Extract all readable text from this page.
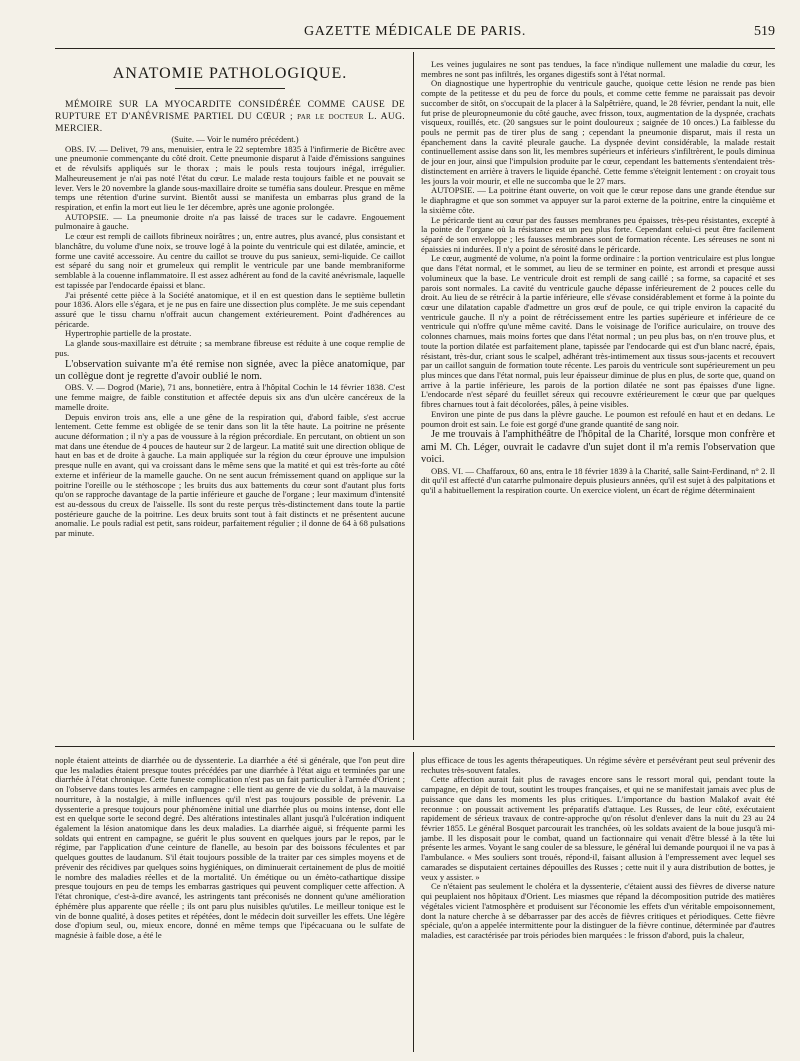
GAZETTE MÉDICALE DE PARIS.	519
ANATOMIE PATHOLOGIQUE.

MÉMOIRE SUR LA MYOCARDITE CONSIDÉRÉE COMME CAUSE DE RUPTURE ET D'ANÉVRISME PARTIEL DU CŒUR ; par le docteur L. AUG. MERCIER.

(Suite. — Voir le numéro précédent.)

OBS. IV. — Delivet, 79 ans, menuisier, entra le 22 septembre 1835 à l'infirmerie de Bicêtre avec une pneumonie commençante du côté droit. Cette pneumonie disparut à l'aide d'émissions sanguines et de révulsifs appliqués sur le thorax ; mais le pouls resta toujours inégal, irrégulier. Malheureusement je n'ai pas noté l'état du cœur. Le malade resta toujours faible et ne pouvait se lever. Vers le 20 novembre la glande sous-maxillaire droite se tuméfia sans douleur. Presque en même temps une rétention d'urine survint. Bientôt aussi se manifesta un embarras plus grand de la respiration, et enfin la mort eut lieu le 1er décembre, après une agonie prolongée.

AUTOPSIE. — La pneumonie droite n'a pas laissé de traces sur le cadavre. Engouement pulmonaire à gauche.

Le cœur est rempli de caillots fibrineux noirâtres ; un, entre autres, plus avancé, plus consistant et blanchâtre, du volume d'une noix, se trouve logé à la pointe du ventricule qui est dilatée, amincie, et forme une cavité accessoire. Au centre du caillot se trouve du pus sanieux, semi-liquide. Ce caillot est séparé du sang noir et grumeleux qui remplit le ventricule par une bande membraniforme semblable à la couenne inflammatoire. Il est assez adhérent au fond de la cavité anévrismale, laquelle est tapissée par l'endocarde épaissi et blanc.

J'ai présenté cette pièce à la Société anatomique, et il en est question dans le septième bulletin pour 1836. Alors elle s'égara, et je ne pus en faire une dissection plus complète. Je me suis cependant assuré que le tissu charnu n'offrait aucun changement extérieurement. Point d'adhérences au péricarde.

Hypertrophie partielle de la prostate.

La glande sous-maxillaire est détruite ; sa membrane fibreuse est réduite à une coque remplie de pus.

L'observation suivante m'a été remise non signée, avec la pièce anatomique, par un collègue dont je regrette d'avoir oublié le nom.

OBS. V. — Dogrod (Marie), 71 ans, bonnetière, entra à l'hôpital Cochin le 14 février 1838. C'est une femme maigre, de faible constitution et affectée depuis six ans d'un ulcère cancéreux de la mamelle droite.

Depuis environ trois ans, elle a une gêne de la respiration qui, d'abord faible, s'est accrue lentement. Cette femme est obligée de se tenir dans son lit la tête haute. La poitrine ne présente aucune déformation ; il n'y a pas de voussure à la région précordiale. En percutant, on obtient un son mat dans une étendue de 4 pouces de hauteur sur 2 de largeur. La matité suit une direction oblique de haut en bas et de droite à gauche. La main appliquée sur la région du cœur éprouve une impulsion presque nulle en avant, qui va croissant dans le même sens que la matité et qui est très-forte au côté externe et inférieur de la mamelle gauche. On ne sent aucun frémissement quand on applique sur la poitrine l'oreille ou le stéthoscope ; les bruits dus aux battements du cœur sont d'autant plus forts qu'on se rapproche davantage de la partie inférieure et gauche de l'organe ; leur maximum d'intensité est au-dessous du creux de l'aisselle. Ils sont du reste perçus très-distinctement dans toute la partie postérieure gauche de la poitrine. Les deux bruits sont tout à fait distincts et ne présentent aucune anomalie. Le pouls radial est petit, sans roideur, parfaitement régulier ; il donne de 64 à 68 pulsations par minute.

Les veines jugulaires ne sont pas tendues, la face n'indique nullement une maladie du cœur, les membres ne sont pas infiltrés, les organes digestifs sont à l'état normal.

On diagnostique une hypertrophie du ventricule gauche, quoique cette lésion ne rende pas bien compte de la petitesse et du peu de force du pouls, et comme cette femme ne paraissait pas devoir succomber de sitôt, on s'occupait de la placer à la Salpêtrière, quand, le 28 février, pendant la nuit, elle fut prise de pleuropneumonie du côté gauche, avec frisson, toux, augmentation de la dyspnée, crachats visqueux, rouillés, etc. (20 sangsues sur le point douloureux ; saignée de 10 onces.) La faiblesse du pouls ne permit pas de tirer plus de sang ; cependant la pneumonie disparut, mais il resta un épanchement dans la cavité pleurale gauche. La dyspnée devint considérable, la malade restait continuellement assise dans son lit, les membres supérieurs et inférieurs s'infiltrèrent, le pouls diminua de jour en jour, ainsi que l'impulsion produite par le cœur, cependant les battements s'entendaient très-distinctement en arrière à travers le liquide épanché. Cette femme s'éteignit lentement : on croyait tous les jours la voir mourir, et elle ne succomba que le 27 mars.

AUTOPSIE. — La poitrine étant ouverte, on voit que le cœur repose dans une grande étendue sur le diaphragme et que son sommet va appuyer sur la paroi externe de la poitrine, entre la cinquième et la sixième côte.

Le péricarde tient au cœur par des fausses membranes peu épaisses, très-peu résistantes, excepté à la pointe de l'organe où la résistance est un peu plus forte. Cependant celui-ci peut être facilement séparé de son enveloppe ; les fausses membranes sont de formation récente. Les séreuses ne sont ni épaissies ni indurées. Il n'y a point de sérosité dans le péricarde.

Le cœur, augmenté de volume, n'a point la forme ordinaire : la portion ventriculaire est plus longue que dans l'état normal, et le sommet, au lieu de se terminer en pointe, est arrondi et presque aussi volumineux que la base. Le ventricule droit est rempli de sang caillé ; sa forme, sa capacité et ses parois sont normales. La cavité du ventricule gauche dépasse inférieurement de 2 pouces celle du droit. Au lieu de se rétrécir à la partie inférieure, elle s'évase considérablement et forme à la pointe du cœur une dilatation capable d'admettre un gros œuf de poule, ce qui triple environ la capacité du ventricule gauche. Il n'y a point de rétrécissement entre les parties supérieure et inférieure de ce ventricule qui n'offre qu'une même cavité. Dans le voisinage de l'orifice auriculaire, on trouve des colonnes charnues, mais moins fortes que dans l'état normal ; un peu plus bas, on n'en trouve plus, et toute la portion dilatée est parfaitement plane, tapissée par l'endocarde qui est d'un blanc nacré, épais, résistant, très-dur, criant sous le scalpel, adhérant très-intimement aux tissus sous-jacents et recouvert par un caillot sanguin de formation toute récente. Les parois du ventricule sont supérieurement un peu plus minces que dans l'état normal, puis leur épaisseur diminue de plus en plus, de sorte que, quand on arrive à la partie inférieure, les parois de la portion dilatée ne sont pas épaisses d'une ligne. L'endocarde n'est séparé du feuillet séreux qui recouvre extérieurement le cœur que par quelques fibres charnues tout à fait décolorées, pâles, à peine visibles.

Environ une pinte de pus dans la plèvre gauche. Le poumon est refoulé en haut et en dedans. Le poumon droit est sain. Le foie est gorgé d'une grande quantité de sang noir.

Je me trouvais à l'amphithéâtre de l'hôpital de la Charité, lorsque mon confrère et ami M. Ch. Léger, ouvrait le cadavre d'un sujet dont il m'a remis l'observation que voici.

OBS. VI. — Chaffaroux, 60 ans, entra le 18 février 1839 à la Charité, salle Saint-Ferdinand, n° 2. Il dit qu'il est affecté d'un catarrhe pulmonaire depuis plusieurs années, qu'il est sujet à des palpitations et qu'il a habituellement la respiration courte. Un exercice violent, un écart de régime déterminaient

nople étaient atteints de diarrhée ou de dyssenterie. La diarrhée a été si générale, que l'on peut dire que les maladies étaient presque toutes précédées par une diarrhée à l'état aigu et terminées par une diarrhée à l'état chronique. Cette funeste complication n'est pas un fait particulier à l'armée d'Orient ; on l'observe dans toutes les armées en campagne : elle tient au genre de vie du soldat, à la mauvaise nourriture, à la nostalgie, à mille influences qu'il n'est pas toujours possible de prévenir. La dyssenterie a presque toujours pour phénomène initial une diarrhée plus ou moins intense, dont elle est en quelque sorte le second degré. Des altérations intestinales allant jusqu'à l'ulcération indiquent également la lésion anatomique dans les deux maladies. La diarrhée aiguë, si fréquente parmi les soldats qui entrent en campagne, se guérit le plus souvent en quelques jours par le repos, par le régime, par l'application d'une ceinture de flanelle, au besoin par des boissons féculentes et par quelques gouttes de laudanum. S'il était toujours possible de la traiter par ces simples moyens et de prévenir des récidives par quelques soins hygiéniques, on diminuerait certainement de plus de moitié le nombre des maladies réelles et de la mortalité. Un émétique ou un émèto-cathartique dissipe presque toujours en peu de temps les embarras gastriques qui peuvent compliquer cette affection. A l'état chronique, c'est-à-dire avancé, les astringents tant préconisés ne donnent qu'une amélioration éphémère plus apparente que réelle ; ils ont paru plus nuisibles qu'utiles. Le meilleur tonique est le vin de bonne qualité, à doses petites et répétées, dont le médecin doit surveiller les effets. Une légère dose d'opium seul, ou, mieux encore, donné en même temps que l'ipécacuana ou le sulfate de magnésie à faible dose, a été le

plus efficace de tous les agents thérapeutiques. Un régime sévère et persévérant peut seul prévenir des rechutes très-souvent fatales.

Cette affection aurait fait plus de ravages encore sans le ressort moral qui, pendant toute la campagne, en dépit de tout, soutint les troupes françaises, et qui ne se manifestait jamais avec plus de puissance que dans les moments les plus critiques. L'importance du bastion Malakof avait été reconnue : on poussait activement les préparatifs d'attaque. Les Russes, de leur côté, exécutaient rapidement de sérieux travaux de contre-approche qu'on résolut d'enlever dans la nuit du 23 au 24 février 1855. Le général Bosquet parcourait les tranchées, où les soldats avaient de la boue jusqu'à mi-jambe. Il les disposait pour le combat, quand un factionnaire qui venait d'être blessé à la tête lui présente les armes. Voyant le sang couler de sa blessure, le général lui demande pourquoi il ne va pas à l'ambulance. « Mes souliers sont troués, répond-il, faisant allusion à l'empressement avec lequel ses camarades se disputaient certaines dépouilles des Russes ; cette nuit il y aura distribution de bottes, je veux y assister. »

Ce n'étaient pas seulement le choléra et la dyssenterie, c'étaient aussi des fièvres de diverse nature qui peuplaient nos hôpitaux d'Orient. Les miasmes que répand la décomposition putride des matières végétales vicient l'atmosphère et produisent sur l'économie les effets d'un véritable empoisonnement, dont la nature cherche à se débarrasser par des accès de fièvres critiques et périodiques. Cette fièvre spéciale, qu'on a appelée intermittente pour la distinguer de la fièvre continue, déterminée par d'autres maladies, est caractérisée par trois périodes bien marquées : le frisson d'abord, puis la chaleur,
